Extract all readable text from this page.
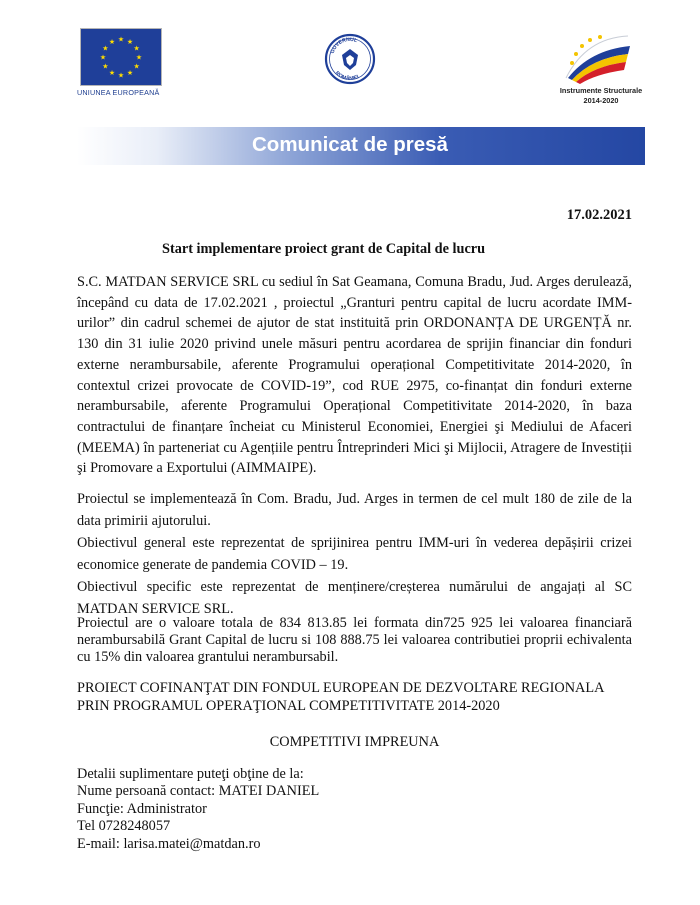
★ ★
★
★
★
★
★
★
★
★
★
★
UNIUNEA EUROPEANĂ
GUVERNUL
ROMÂNIEI
Instrumente Structurale
2014-2020
Comunicat de presă
17.02.2021
Start implementare proiect grant de Capital de lucru

S.C. MATDAN SERVICE SRL cu sediul în Sat Geamana, Comuna Bradu, Jud. Arges derulează, începând cu data de 17.02.2021 , proiectul „Granturi pentru capital de lucru acordate IMM-urilor” din cadrul schemei de ajutor de stat instituită prin ORDONANȚA DE URGENȚĂ nr. 130 din 31 iulie 2020 privind unele măsuri pentru acordarea de sprijin financiar din fonduri externe nerambursabile, aferente Programului operațional Competitivitate 2014-2020, în contextul crizei provocate de COVID-19”, cod RUE 2975, co-finanțat din fonduri externe nerambursabile, aferente Programului Operațional Competitivitate 2014-2020, în baza contractului de finanțare încheiat cu Ministerul Economiei, Energiei şi Mediului de Afaceri (MEEMA) în parteneriat cu Agențiile pentru Întreprinderi Mici şi Mijlocii, Atragere de Investiții şi Promovare a Exportului (AIMMAIPE).

Proiectul se implementează în Com. Bradu, Jud. Arges in termen de cel mult 180 de zile de la data primirii ajutorului.

Obiectivul general este reprezentat de sprijinirea pentru IMM-uri în vederea depășirii crizei economice generate de pandemia COVID – 19.

Obiectivul specific este reprezentat de menținere/creșterea numărului de angajați al SC MATDAN SERVICE SRL.

Proiectul are o valoare totala de 834 813.85 lei formata din725 925 lei valoarea financiară nerambursabilă Grant Capital de lucru si 108 888.75 lei valoarea contributiei proprii echivalenta cu 15% din valoarea grantului nerambursabil.

PROIECT COFINANŢAT DIN FONDUL EUROPEAN DE DEZVOLTARE REGIONALA
PRIN PROGRAMUL OPERAŢIONAL COMPETITIVITATE 2014-2020
COMPETITIVI IMPREUNA
Detalii suplimentare puteţi obţine de la:
Nume persoană contact: MATEI DANIEL
Funcţie: Administrator
Tel 0728248057
E-mail: larisa.matei@matdan.ro
